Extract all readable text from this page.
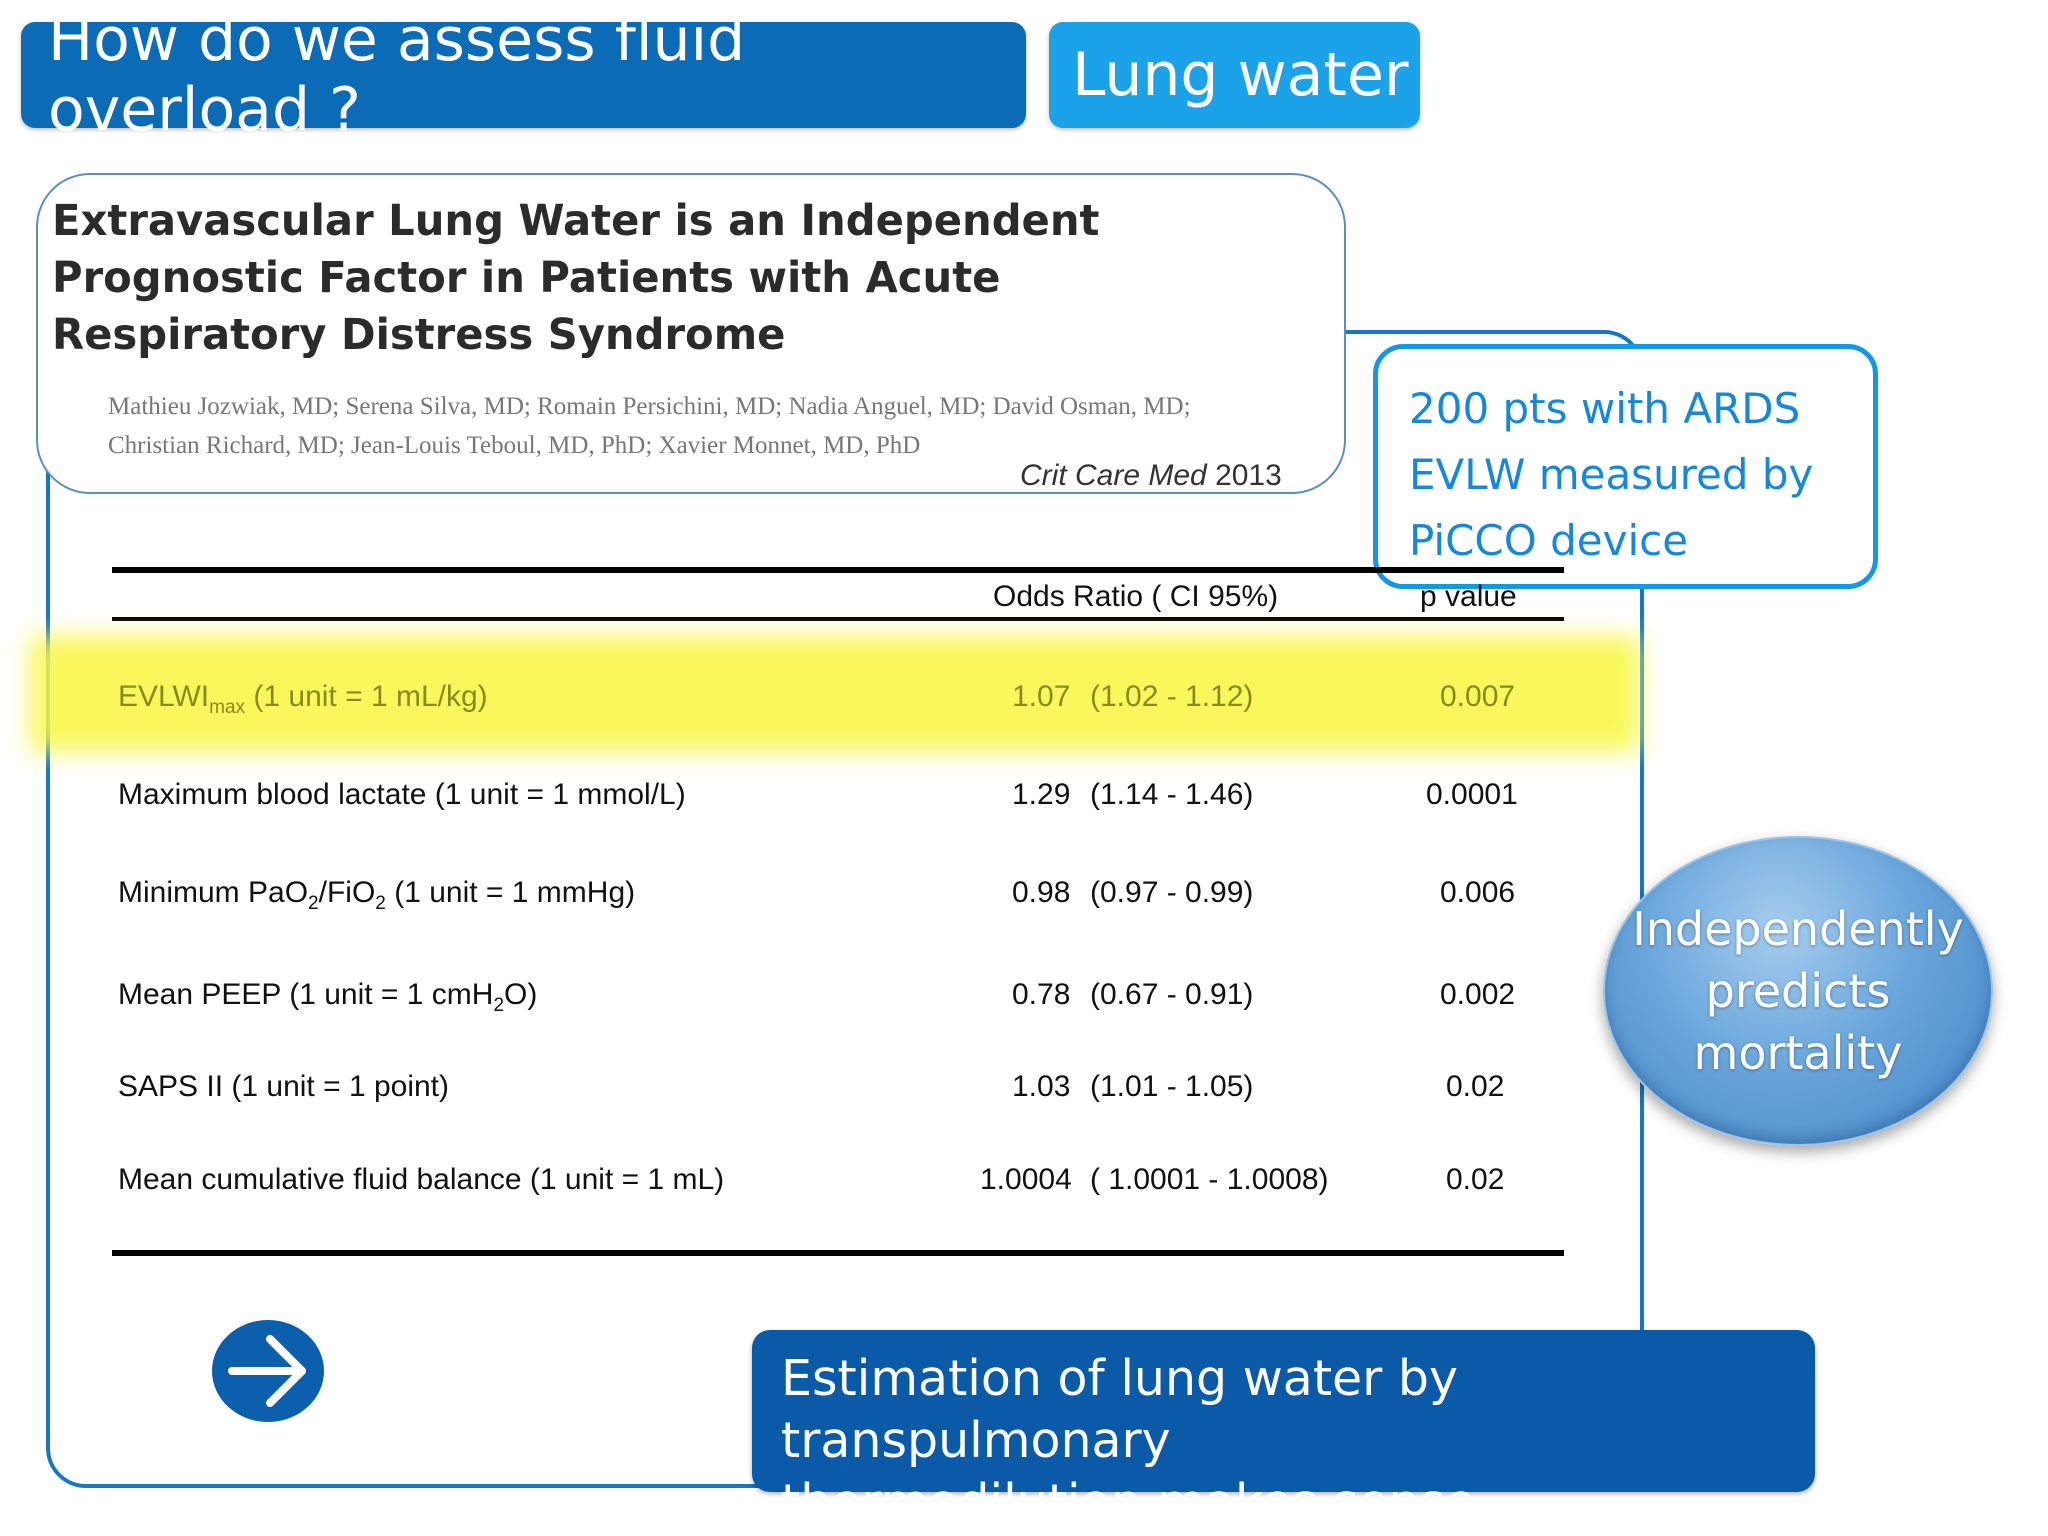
How do we assess fluid overload ?	Lung water
Extravascular Lung Water is an Independent
Prognostic Factor in Patients with Acute
Respiratory Distress Syndrome
Mathieu Jozwiak, MD; Serena Silva, MD; Romain Persichini, MD; Nadia Anguel, MD; David Osman, MD;
Christian Richard, MD; Jean-Louis Teboul, MD, PhD; Xavier Monnet, MD, PhD
Crit Care Med 2013
200 pts with ARDS
EVLW measured by
PiCCO device
Odds Ratio ( CI 95%)	p value
$EVLWI_{max}$ (1 unit = 1 mL/kg)	1.07 (1.02 - 1.12)	0.007
Maximum blood lactate (1 unit = 1 mmol/L)	1.29 (1.14 - 1.46)	0.0001
Minimum PaO$_2$/FiO$_2$ (1 unit = 1 mmHg)	0.98 (0.97 - 0.99)	0.006
Mean PEEP (1 unit = 1 cmH$_2$O)	0.78 (0.67 - 0.91)	0.002
SAPS II (1 unit = 1 point)	1.03 (1.01 - 1.05)	0.02
Mean cumulative fluid balance (1 unit = 1 mL)	1.0004 ( 1.0001 - 1.0008)	0.02
Independently
predicts
mortality
Estimation of lung water by transpulmonary
thermodilution makes sense
